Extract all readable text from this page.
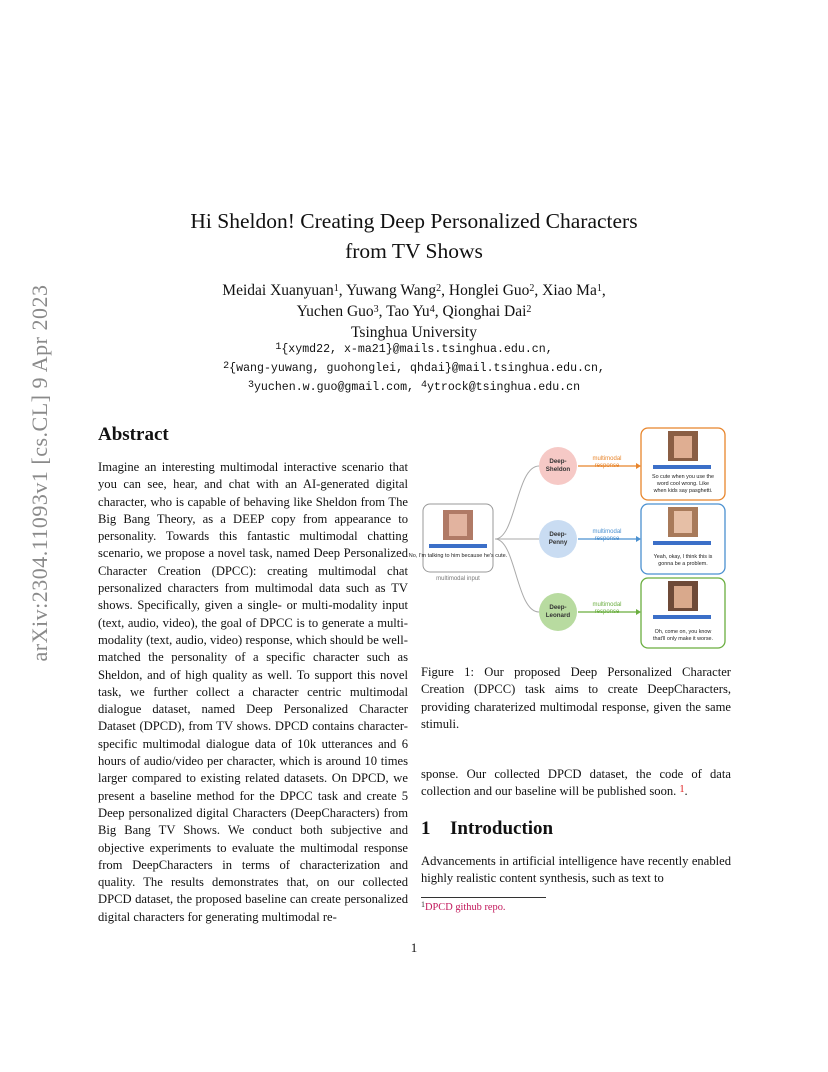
arXiv:2304.11093v1 [cs.CL] 9 Apr 2023
Hi Sheldon! Creating Deep Personalized Characters
from TV Shows
Meidai Xuanyuan$^1$, Yuwang Wang$^2$, Honglei Guo$^2$, Xiao Ma$^1$,
Yuchen Guo$^3$, Tao Yu$^4$, Qionghai Dai$^2$
Tsinghua University
$^1${xymd22, x-ma21}@mails.tsinghua.edu.cn,
$^2${wang-yuwang, guohonglei, qhdai}@mail.tsinghua.edu.cn,
$^3$yuchen.w.guo@gmail.com, $^4$ytrock@tsinghua.edu.cn
Abstract
Imagine an interesting multimodal interactive scenario that you can see, hear, and chat with an AI-generated digital character, who is capable of behaving like Sheldon from The Big Bang Theory, as a DEEP copy from appearance to personality. Towards this fantastic multimodal chatting scenario, we propose a novel task, named Deep Personalized Character Creation (DPCC): creating multimodal chat personalized characters from multimodal data such as TV shows. Specifically, given a single- or multi-modality input (text, audio, video), the goal of DPCC is to generate a multi-modality (text, audio, video) response, which should be well-matched the personality of a specific character such as Sheldon, and of high quality as well. To support this novel task, we further collect a character centric multimodal dialogue dataset, named Deep Personalized Character Dataset (DPCD), from TV shows. DPCD contains character-specific multimodal dialogue data of 10k utterances and 6 hours of audio/video per character, which is around 10 times larger compared to existing related datasets. On DPCD, we present a baseline method for the DPCC task and create 5 Deep personalized digital Characters (DeepCharacters) from Big Bang TV Shows. We conduct both subjective and objective experiments to evaluate the multimodal response from DeepCharacters in terms of characterization and quality. The results demonstrates that, on our collected DPCD dataset, the proposed baseline can create personalized digital characters for generating multimodal re-
No, I'm talking to him because he's cute.
multimodal input
Deep-
Sheldon
multimodal
response
So cute when you use the
word cool wrong. Like
when kids say pasghetti.
Deep-
Penny
multimodal
response
Yeah, okay, I think this is
gonna be a problem.
Deep-
Leonard
multimodal
response
Oh, come on, you know
that'll only make it worse.
Figure 1: Our proposed Deep Personalized Character Creation (DPCC) task aims to create DeepCharacters, providing charaterized multimodal response, given the same stimuli.
sponse. Our collected DPCD dataset, the code of data collection and our baseline will be published soon. $^1$.
1 Introduction
Advancements in artificial intelligence have recently enabled highly realistic content synthesis, such as text to
$^1$DPCD github repo.
1
